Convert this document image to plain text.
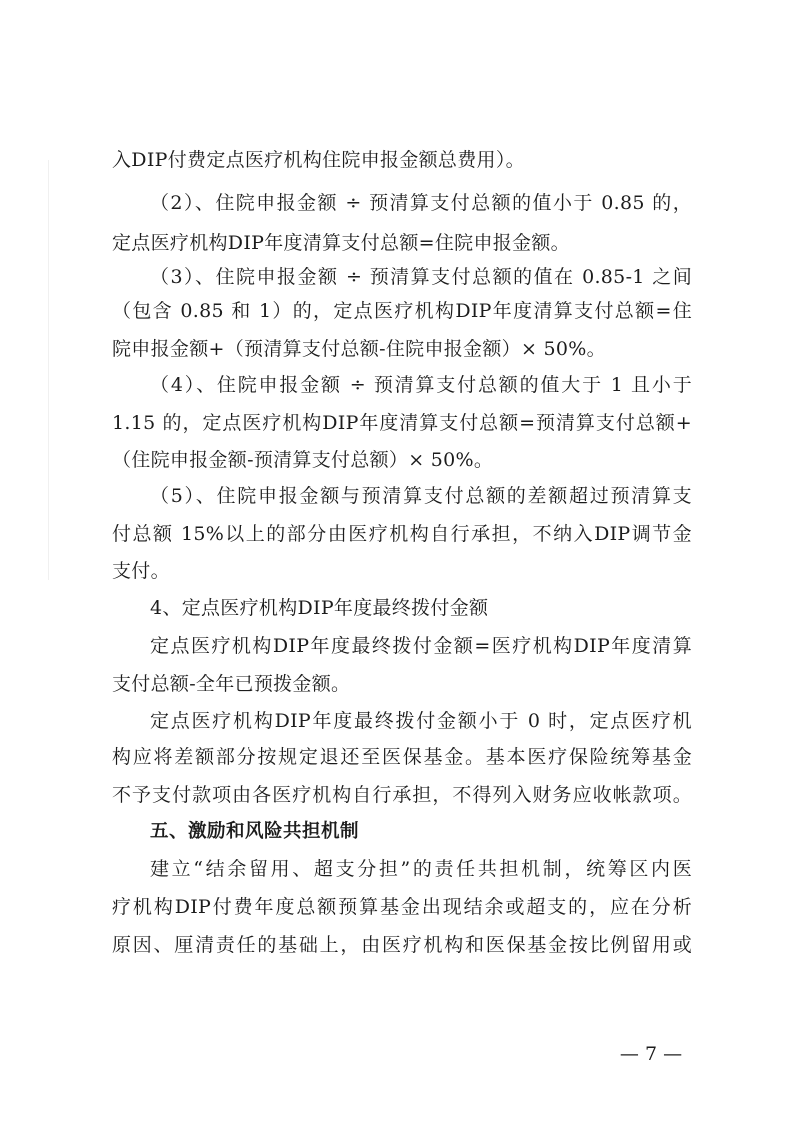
入DIP付费定点医疗机构住院申报金额总费用）。
（2）、住院申报金额 ÷ 预清算支付总额的值小于 0.85 的，
定点医疗机构DIP年度清算支付总额=住院申报金额。
（3）、住院申报金额 ÷ 预清算支付总额的值在 0.85-1 之间
（包含 0.85 和 1）的，定点医疗机构DIP年度清算支付总额=住
院申报金额+（预清算支付总额-住院申报金额）× 50%。
（4）、住院申报金额 ÷ 预清算支付总额的值大于 1 且小于
1.15 的，定点医疗机构DIP年度清算支付总额=预清算支付总额+
（住院申报金额-预清算支付总额）× 50%。
（5）、住院申报金额与预清算支付总额的差额超过预清算支
付总额 15%以上的部分由医疗机构自行承担，不纳入DIP调节金
支付。
4、定点医疗机构DIP年度最终拨付金额
定点医疗机构DIP年度最终拨付金额=医疗机构DIP年度清算
支付总额-全年已预拨金额。
定点医疗机构DIP年度最终拨付金额小于 0 时，定点医疗机
构应将差额部分按规定退还至医保基金。基本医疗保险统筹基金
不予支付款项由各医疗机构自行承担，不得列入财务应收帐款项。
五、激励和风险共担机制
建立“结余留用、超支分担”的责任共担机制，统筹区内医
疗机构DIP付费年度总额预算基金出现结余或超支的，应在分析
原因、厘清责任的基础上，由医疗机构和医保基金按比例留用或
— 7 —
